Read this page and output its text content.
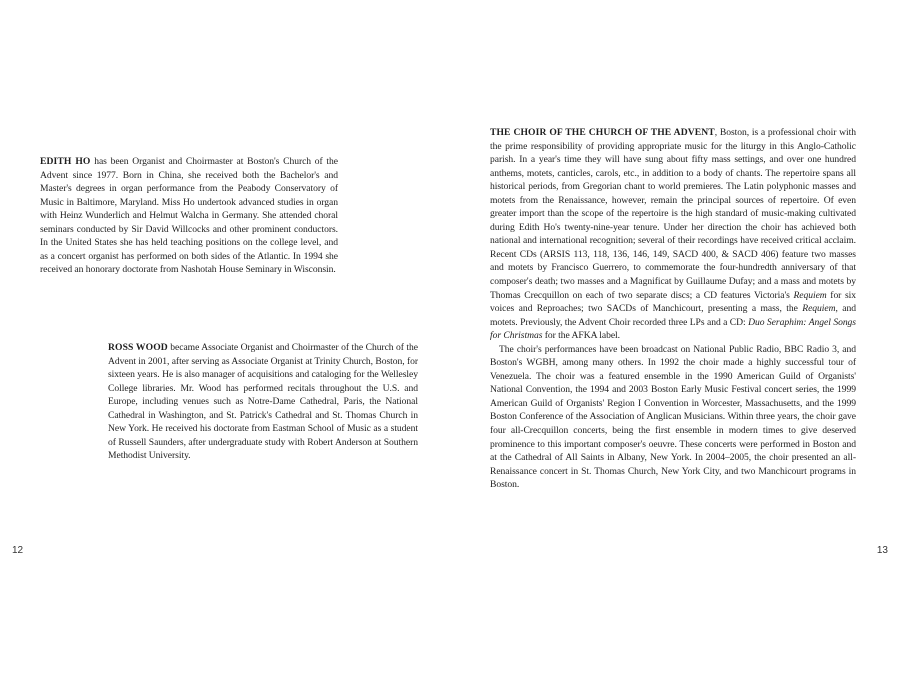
EDITH HO has been Organist and Choirmaster at Boston's Church of the Advent since 1977. Born in China, she received both the Bachelor's and Master's degrees in organ performance from the Peabody Conservatory of Music in Baltimore, Maryland. Miss Ho undertook advanced studies in organ with Heinz Wunderlich and Helmut Walcha in Germany. She attended choral seminars conducted by Sir David Willcocks and other prominent conductors. In the United States she has held teaching positions on the college level, and as a concert organist has performed on both sides of the Atlantic. In 1994 she received an honorary doctorate from Nashotah House Seminary in Wisconsin.

ROSS WOOD became Associate Organist and Choirmaster of the Church of the Advent in 2001, after serving as Associate Organist at Trinity Church, Boston, for sixteen years. He is also manager of acquisitions and cataloging for the Wellesley College libraries. Mr. Wood has performed recitals throughout the U.S. and Europe, including venues such as Notre-Dame Cathedral, Paris, the National Cathedral in Washington, and St. Patrick's Cathedral and St. Thomas Church in New York. He received his doctorate from Eastman School of Music as a student of Russell Saunders, after undergraduate study with Robert Anderson at Southern Methodist University.

12

THE CHOIR OF THE CHURCH OF THE ADVENT, Boston, is a professional choir with the prime responsibility of providing appropriate music for the liturgy in this Anglo-Catholic parish. In a year's time they will have sung about fifty mass settings, and over one hundred anthems, motets, canticles, carols, etc., in addition to a body of chants. The repertoire spans all historical periods, from Gregorian chant to world premieres. The Latin polyphonic masses and motets from the Renaissance, however, remain the principal sources of repertoire. Of even greater import than the scope of the repertoire is the high standard of music-making cultivated during Edith Ho's twenty-nine-year tenure. Under her direction the choir has achieved both national and international recognition; several of their recordings have received critical acclaim. Recent CDs (ARSIS 113, 118, 136, 146, 149, SACD 400, & SACD 406) feature two masses and motets by Francisco Guerrero, to commemorate the four-hundredth anniversary of that composer's death; two masses and a Magnificat by Guillaume Dufay; and a mass and motets by Thomas Crecquillon on each of two separate discs; a CD features Victoria's Requiem for six voices and Reproaches; two SACDs of Manchicourt, presenting a mass, the Requiem, and motets. Previously, the Advent Choir recorded three LPs and a CD: Duo Seraphim: Angel Songs for Christmas for the AFKA label.

The choir's performances have been broadcast on National Public Radio, BBC Radio 3, and Boston's WGBH, among many others. In 1992 the choir made a highly successful tour of Venezuela. The choir was a featured ensemble in the 1990 American Guild of Organists' National Convention, the 1994 and 2003 Boston Early Music Festival concert series, the 1999 American Guild of Organists' Region I Convention in Worcester, Massachusetts, and the 1999 Boston Conference of the Association of Anglican Musicians. Within three years, the choir gave four all-Crecquillon concerts, being the first ensemble in modern times to give deserved prominence to this important composer's oeuvre. These concerts were performed in Boston and at the Cathedral of All Saints in Albany, New York. In 2004–2005, the choir presented an all-Renaissance concert in St. Thomas Church, New York City, and two Manchicourt programs in Boston.

13
